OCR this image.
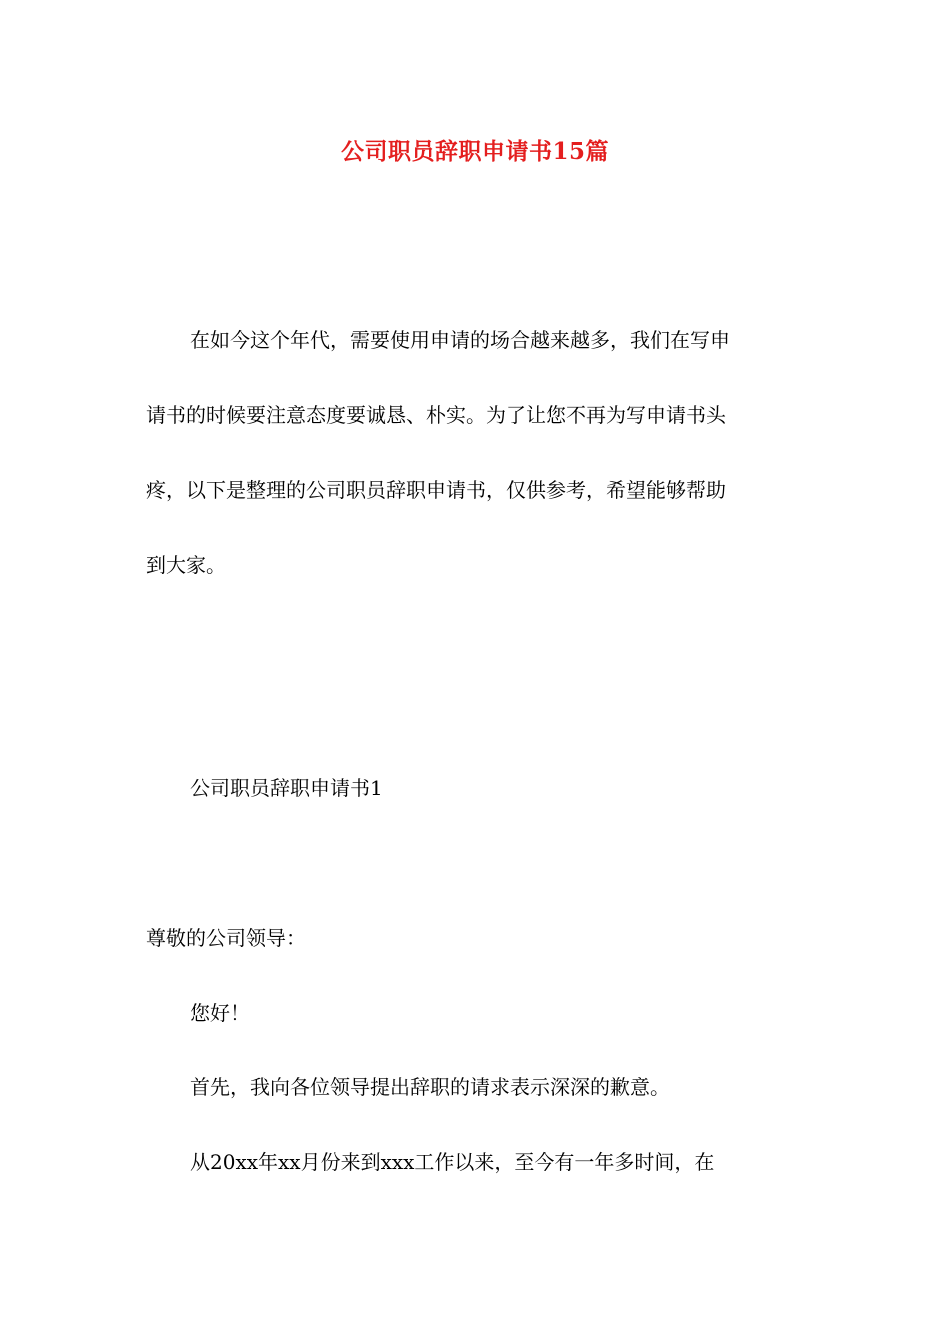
公司职员辞职申请书15篇
在如今这个年代，需要使用申请的场合越来越多，我们在写申
请书的时候要注意态度要诚恳、朴实。为了让您不再为写申请书头
疼，以下是整理的公司职员辞职申请书，仅供参考，希望能够帮助
到大家。
公司职员辞职申请书1
尊敬的公司领导：
您好！
首先，我向各位领导提出辞职的请求表示深深的歉意。
从20xx年xx月份来到xxx工作以来，至今有一年多时间，在
